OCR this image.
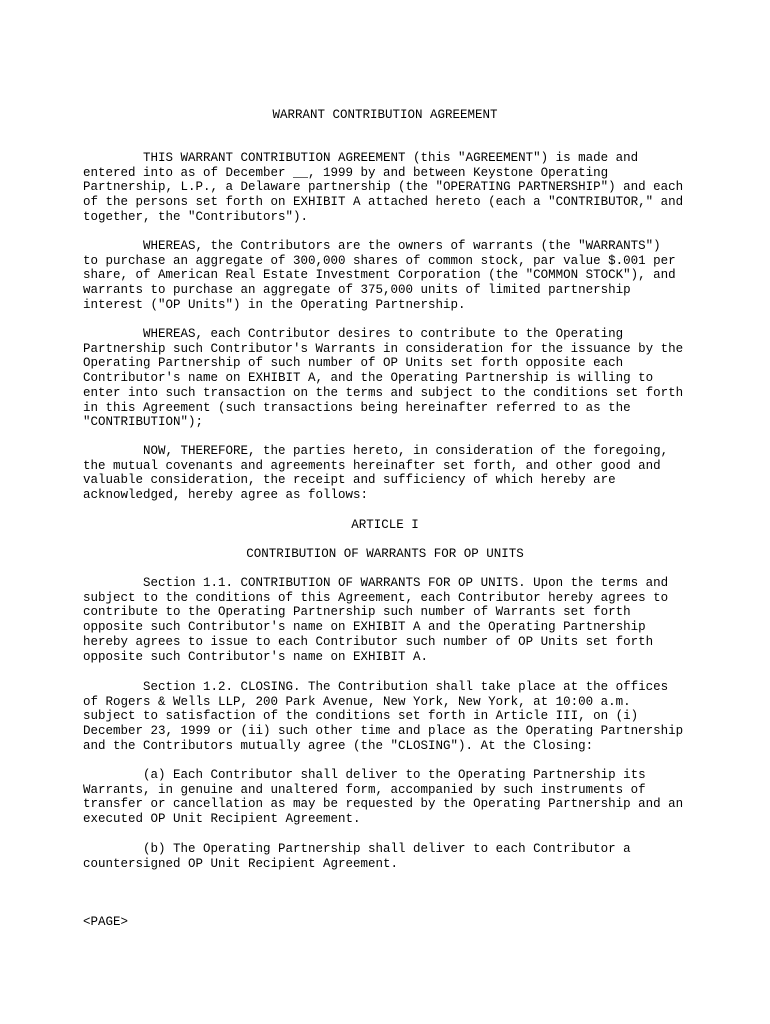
WARRANT CONTRIBUTION AGREEMENT
THIS WARRANT CONTRIBUTION AGREEMENT (this "AGREEMENT") is made and
entered into as of December __, 1999 by and between Keystone Operating
Partnership, L.P., a Delaware partnership (the "OPERATING PARTNERSHIP") and each
of the persons set forth on EXHIBIT A attached hereto (each a "CONTRIBUTOR," and
together, the "Contributors").
WHEREAS, the Contributors are the owners of warrants (the "WARRANTS")
to purchase an aggregate of 300,000 shares of common stock, par value $.001 per
share, of American Real Estate Investment Corporation (the "COMMON STOCK"), and
warrants to purchase an aggregate of 375,000 units of limited partnership
interest ("OP Units") in the Operating Partnership.
WHEREAS, each Contributor desires to contribute to the Operating
Partnership such Contributor's Warrants in consideration for the issuance by the
Operating Partnership of such number of OP Units set forth opposite each
Contributor's name on EXHIBIT A, and the Operating Partnership is willing to
enter into such transaction on the terms and subject to the conditions set forth
in this Agreement (such transactions being hereinafter referred to as the
"CONTRIBUTION");
NOW, THEREFORE, the parties hereto, in consideration of the foregoing,
the mutual covenants and agreements hereinafter set forth, and other good and
valuable consideration, the receipt and sufficiency of which hereby are
acknowledged, hereby agree as follows:
ARTICLE I
CONTRIBUTION OF WARRANTS FOR OP UNITS
Section 1.1. CONTRIBUTION OF WARRANTS FOR OP UNITS. Upon the terms and
subject to the conditions of this Agreement, each Contributor hereby agrees to
contribute to the Operating Partnership such number of Warrants set forth
opposite such Contributor's name on EXHIBIT A and the Operating Partnership
hereby agrees to issue to each Contributor such number of OP Units set forth
opposite such Contributor's name on EXHIBIT A.
Section 1.2. CLOSING. The Contribution shall take place at the offices
of Rogers & Wells LLP, 200 Park Avenue, New York, New York, at 10:00 a.m.
subject to satisfaction of the conditions set forth in Article III, on (i)
December 23, 1999 or (ii) such other time and place as the Operating Partnership
and the Contributors mutually agree (the "CLOSING"). At the Closing:
(a) Each Contributor shall deliver to the Operating Partnership its
Warrants, in genuine and unaltered form, accompanied by such instruments of
transfer or cancellation as may be requested by the Operating Partnership and an
executed OP Unit Recipient Agreement.
(b) The Operating Partnership shall deliver to each Contributor a
countersigned OP Unit Recipient Agreement.
<PAGE>
